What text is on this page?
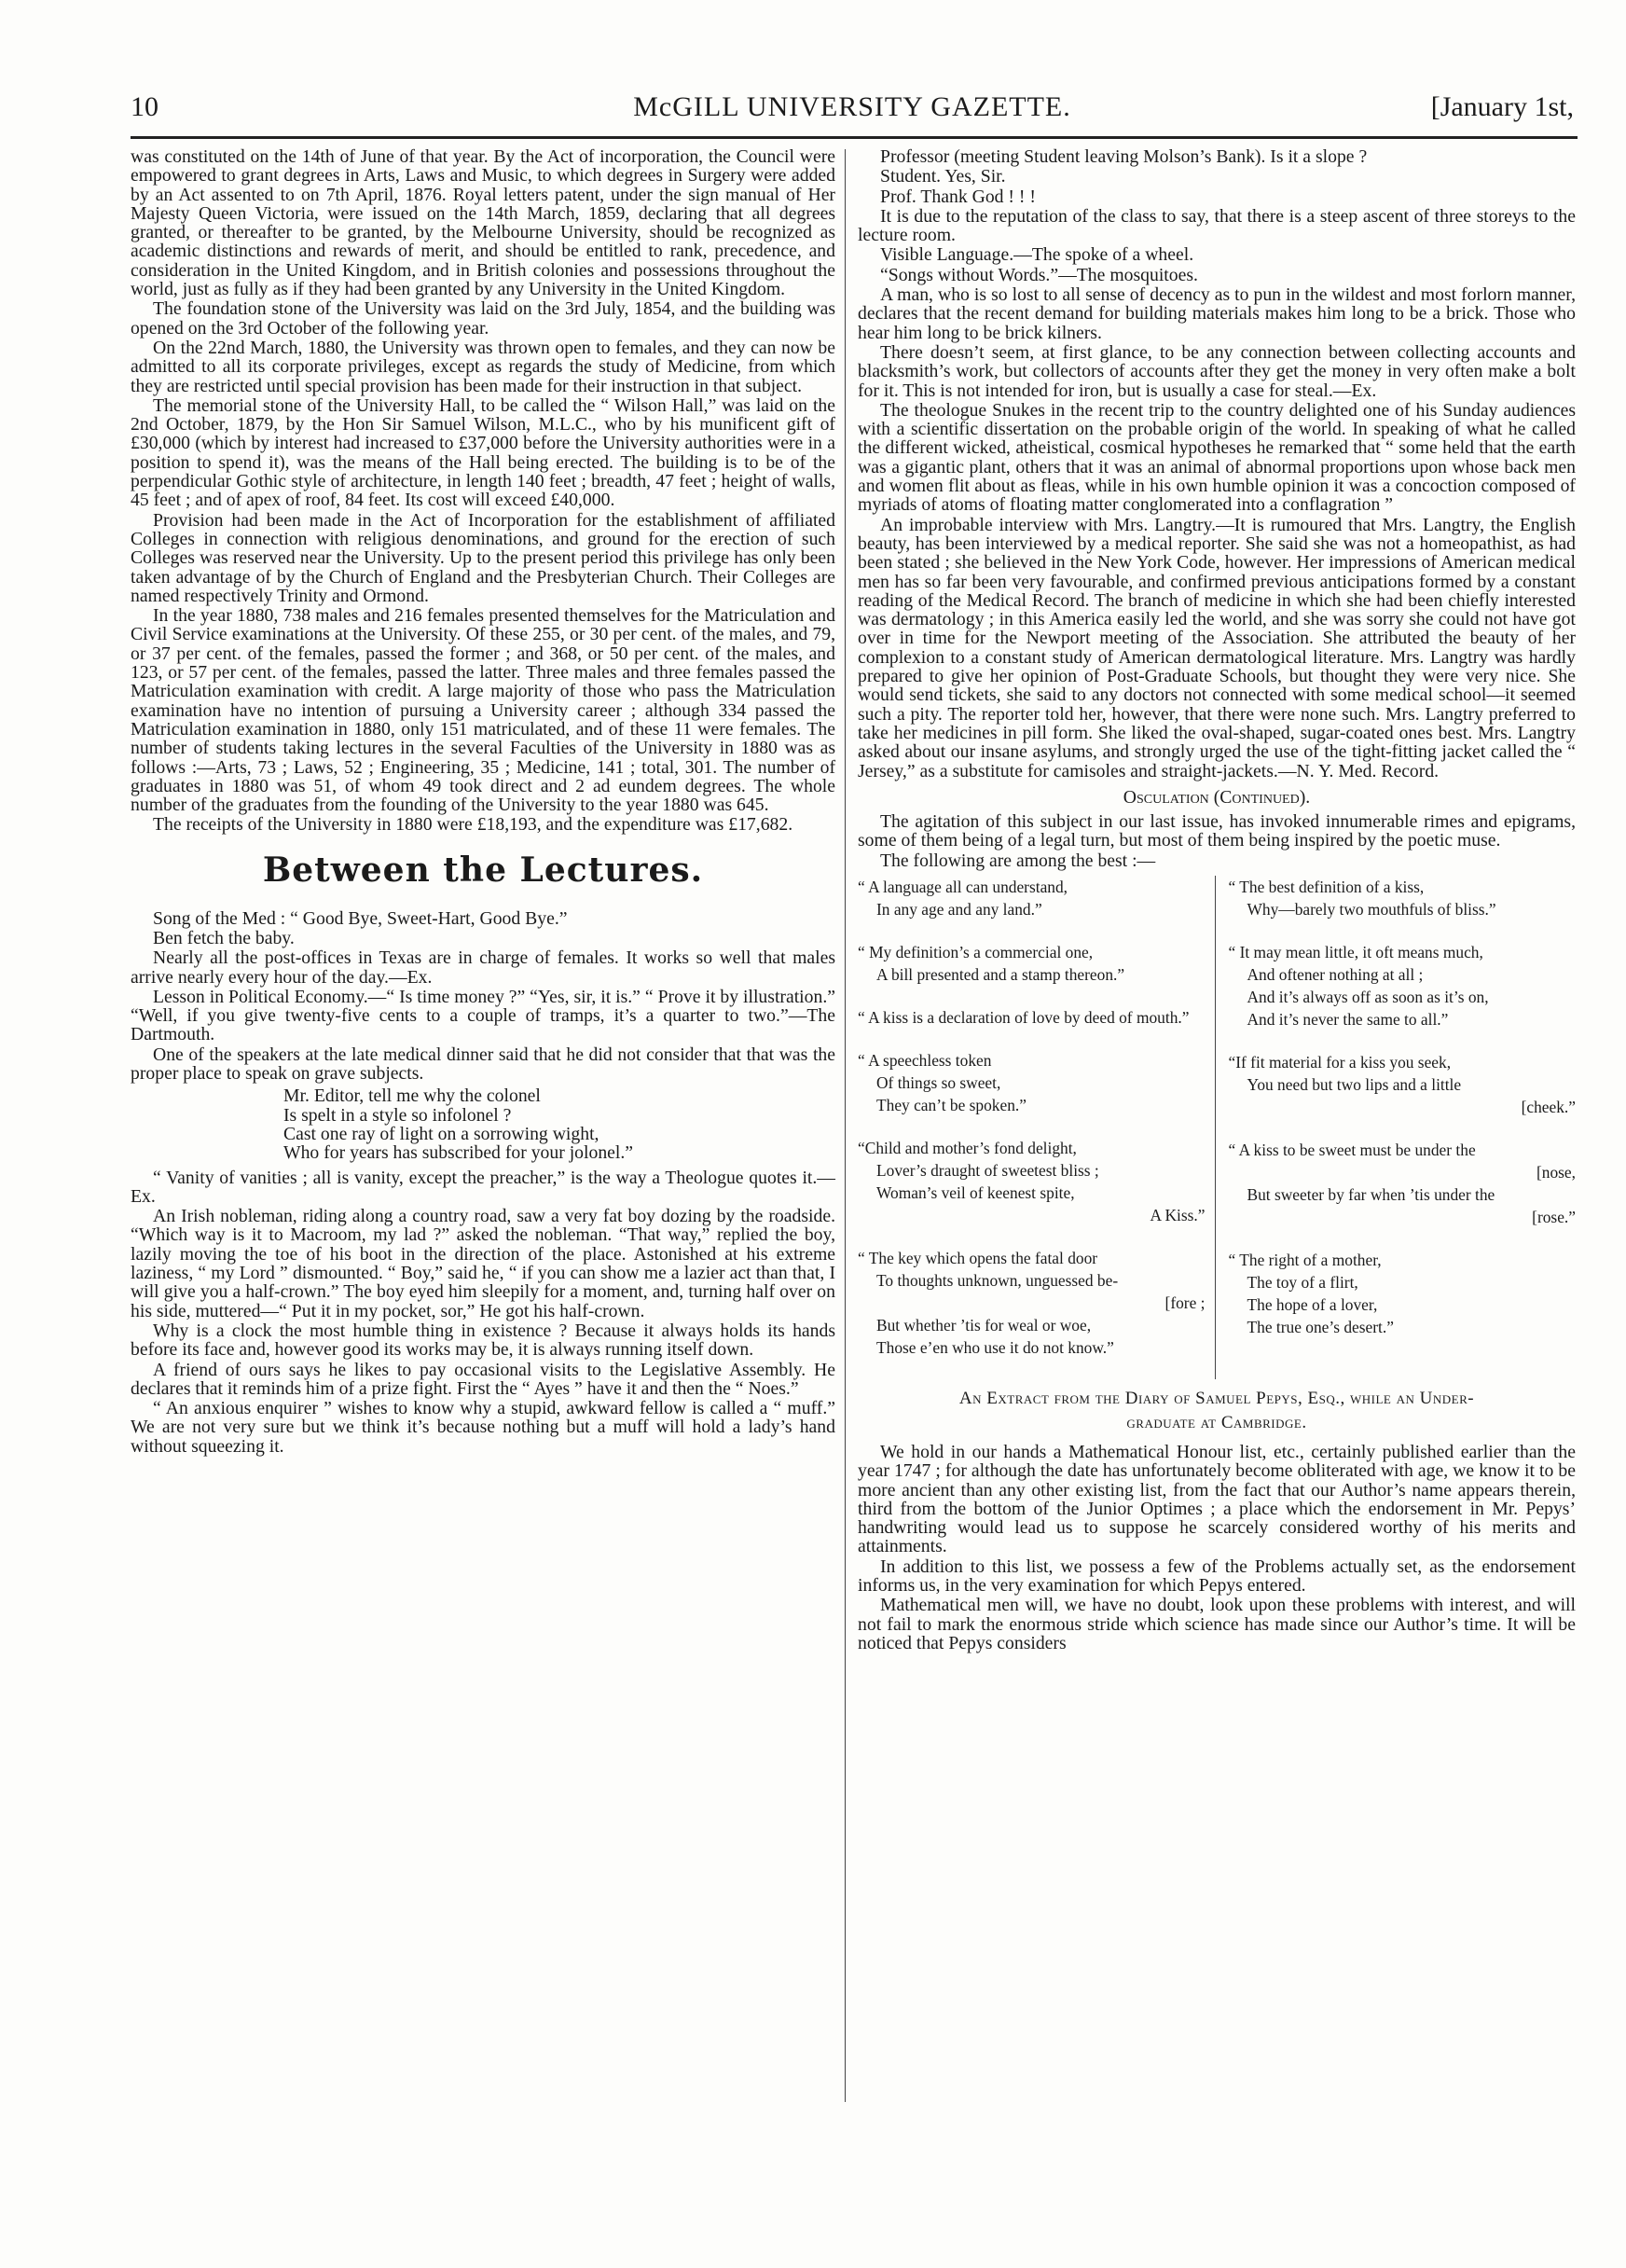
10	McGILL UNIVERSITY GAZETTE.	[January 1st,

was constituted on the 14th of June of that year. By the Act of incorporation, the Council were empowered to grant degrees in Arts, Laws and Music, to which degrees in Surgery were added by an Act assented to on 7th April, 1876. Royal letters patent, under the sign manual of Her Majesty Queen Victoria, were issued on the 14th March, 1859, declaring that all degrees granted, or thereafter to be granted, by the Melbourne University, should be recognized as academic distinctions and rewards of merit, and should be entitled to rank, precedence, and consideration in the United Kingdom, and in British colonies and possessions throughout the world, just as fully as if they had been granted by any University in the United Kingdom.

The foundation stone of the University was laid on the 3rd July, 1854, and the building was opened on the 3rd October of the following year.

On the 22nd March, 1880, the University was thrown open to females, and they can now be admitted to all its corporate privileges, except as regards the study of Medicine, from which they are restricted until special provision has been made for their instruction in that subject.

The memorial stone of the University Hall, to be called the “ Wilson Hall,” was laid on the 2nd October, 1879, by the Hon Sir Samuel Wilson, M.L.C., who by his munificent gift of £30,000 (which by interest had increased to £37,000 before the University authorities were in a position to spend it), was the means of the Hall being erected. The building is to be of the perpendicular Gothic style of architecture, in length 140 feet ; breadth, 47 feet ; height of walls, 45 feet ; and of apex of roof, 84 feet. Its cost will exceed £40,000.

Provision had been made in the Act of Incorporation for the establishment of affiliated Colleges in connection with religious denominations, and ground for the erection of such Colleges was reserved near the University. Up to the present period this privilege has only been taken advantage of by the Church of England and the Presbyterian Church. Their Colleges are named respectively Trinity and Ormond.

In the year 1880, 738 males and 216 females presented themselves for the Matriculation and Civil Service examinations at the University. Of these 255, or 30 per cent. of the males, and 79, or 37 per cent. of the females, passed the former ; and 368, or 50 per cent. of the males, and 123, or 57 per cent. of the females, passed the latter. Three males and three females passed the Matriculation examination with credit. A large majority of those who pass the Matriculation examination have no intention of pursuing a University career ; although 334 passed the Matriculation examination in 1880, only 151 matriculated, and of these 11 were females. The number of students taking lectures in the several Faculties of the University in 1880 was as follows :—Arts, 73 ; Laws, 52 ; Engineering, 35 ; Medicine, 141 ; total, 301. The number of graduates in 1880 was 51, of whom 49 took direct and 2 ad eundem degrees. The whole number of the graduates from the founding of the University to the year 1880 was 645.

The receipts of the University in 1880 were £18,193, and the expenditure was £17,682.

Between the Lectures.

Song of the Med : “ Good Bye, Sweet-Hart, Good Bye.”

Ben fetch the baby.

Nearly all the post-offices in Texas are in charge of females. It works so well that males arrive nearly every hour of the day.—Ex.

Lesson in Political Economy.—“ Is time money ?” “Yes, sir, it is.” “ Prove it by illustration.” “Well, if you give twenty-five cents to a couple of tramps, it’s a quarter to two.”—The Dartmouth.

One of the speakers at the late medical dinner said that he did not consider that that was the proper place to speak on grave subjects.

Mr. Editor, tell me why the colonel
Is spelt in a style so infolonel ?
Cast one ray of light on a sorrowing wight,
Who for years has subscribed for your jolonel.”

“ Vanity of vanities ; all is vanity, except the preacher,” is the way a Theologue quotes it.—Ex.

An Irish nobleman, riding along a country road, saw a very fat boy dozing by the roadside. “Which way is it to Macroom, my lad ?” asked the nobleman. “That way,” replied the boy, lazily moving the toe of his boot in the direction of the place. Astonished at his extreme laziness, “ my Lord ” dismounted. “ Boy,” said he, “ if you can show me a lazier act than that, I will give you a half-crown.” The boy eyed him sleepily for a moment, and, turning half over on his side, muttered—“ Put it in my pocket, sor,” He got his half-crown.

Why is a clock the most humble thing in existence ? Because it always holds its hands before its face and, however good its works may be, it is always running itself down.

A friend of ours says he likes to pay occasional visits to the Legislative Assembly. He declares that it reminds him of a prize fight. First the “ Ayes ” have it and then the “ Noes.”

“ An anxious enquirer ” wishes to know why a stupid, awkward fellow is called a “ muff.” We are not very sure but we think it’s because nothing but a muff will hold a lady’s hand without squeezing it.

Professor (meeting Student leaving Molson’s Bank). Is it a slope ?

Student. Yes, Sir.

Prof. Thank God ! ! !

It is due to the reputation of the class to say, that there is a steep ascent of three storeys to the lecture room.

Visible Language.—The spoke of a wheel.

“Songs without Words.”—The mosquitoes.

A man, who is so lost to all sense of decency as to pun in the wildest and most forlorn manner, declares that the recent demand for building materials makes him long to be a brick. Those who hear him long to be brick kilners.

There doesn’t seem, at first glance, to be any connection between collecting accounts and blacksmith’s work, but collectors of accounts after they get the money in very often make a bolt for it. This is not intended for iron, but is usually a case for steal.—Ex.

The theologue Snukes in the recent trip to the country delighted one of his Sunday audiences with a scientific dissertation on the probable origin of the world. In speaking of what he called the different wicked, atheistical, cosmical hypotheses he remarked that “ some held that the earth was a gigantic plant, others that it was an animal of abnormal proportions upon whose back men and women flit about as fleas, while in his own humble opinion it was a concoction composed of myriads of atoms of floating matter conglomerated into a conflagration ”

An improbable interview with Mrs. Langtry.—It is rumoured that Mrs. Langtry, the English beauty, has been interviewed by a medical reporter. She said she was not a homeopathist, as had been stated ; she believed in the New York Code, however. Her impressions of American medical men has so far been very favourable, and confirmed previous anticipations formed by a constant reading of the Medical Record. The branch of medicine in which she had been chiefly interested was dermatology ; in this America easily led the world, and she was sorry she could not have got over in time for the Newport meeting of the Association. She attributed the beauty of her complexion to a constant study of American dermatological literature. Mrs. Langtry was hardly prepared to give her opinion of Post-Graduate Schools, but thought they were very nice. She would send tickets, she said to any doctors not connected with some medical school—it seemed such a pity. The reporter told her, however, that there were none such. Mrs. Langtry preferred to take her medicines in pill form. She liked the oval-shaped, sugar-coated ones best. Mrs. Langtry asked about our insane asylums, and strongly urged the use of the tight-fitting jacket called the “ Jersey,” as a substitute for camisoles and straight-jackets.—N. Y. Med. Record.

Osculation (Continued).

The agitation of this subject in our last issue, has invoked innumerable rimes and epigrams, some of them being of a legal turn, but most of them being inspired by the poetic muse.

The following are among the best :—

“ A language all can understand,
In any age and any land.”
“ My definition’s a commercial one,
A bill presented and a stamp thereon.”
“ A kiss is a declaration of love by deed of mouth.”
“ A speechless token
Of things so sweet,
They can’t be spoken.”
“Child and mother’s fond delight,
Lover’s draught of sweetest bliss ;
Woman’s veil of keenest spite,
A Kiss.”
“ The key which opens the fatal door
To thoughts unknown, unguessed be-
[fore ;
But whether ’tis for weal or woe,
Those e’en who use it do not know.”
“ The best definition of a kiss,
Why—barely two mouthfuls of bliss.”
“ It may mean little, it oft means much,
And oftener nothing at all ;
And it’s always off as soon as it’s on,
And it’s never the same to all.”
“If fit material for a kiss you seek,
You need but two lips and a little
[cheek.”
“ A kiss to be sweet must be under the
[nose,
But sweeter by far when ’tis under the
[rose.”
“ The right of a mother,
The toy of a flirt,
The hope of a lover,
The true one’s desert.”
An Extract from the Diary of Samuel Pepys, Esq., while an Under-
graduate at Cambridge.

We hold in our hands a Mathematical Honour list, etc., certainly published earlier than the year 1747 ; for although the date has unfortunately become obliterated with age, we know it to be more ancient than any other existing list, from the fact that our Author’s name appears therein, third from the bottom of the Junior Optimes ; a place which the endorsement in Mr. Pepys’ handwriting would lead us to suppose he scarcely considered worthy of his merits and attainments.

In addition to this list, we possess a few of the Problems actually set, as the endorsement informs us, in the very examination for which Pepys entered.

Mathematical men will, we have no doubt, look upon these problems with interest, and will not fail to mark the enormous stride which science has made since our Author’s time. It will be noticed that Pepys considers
